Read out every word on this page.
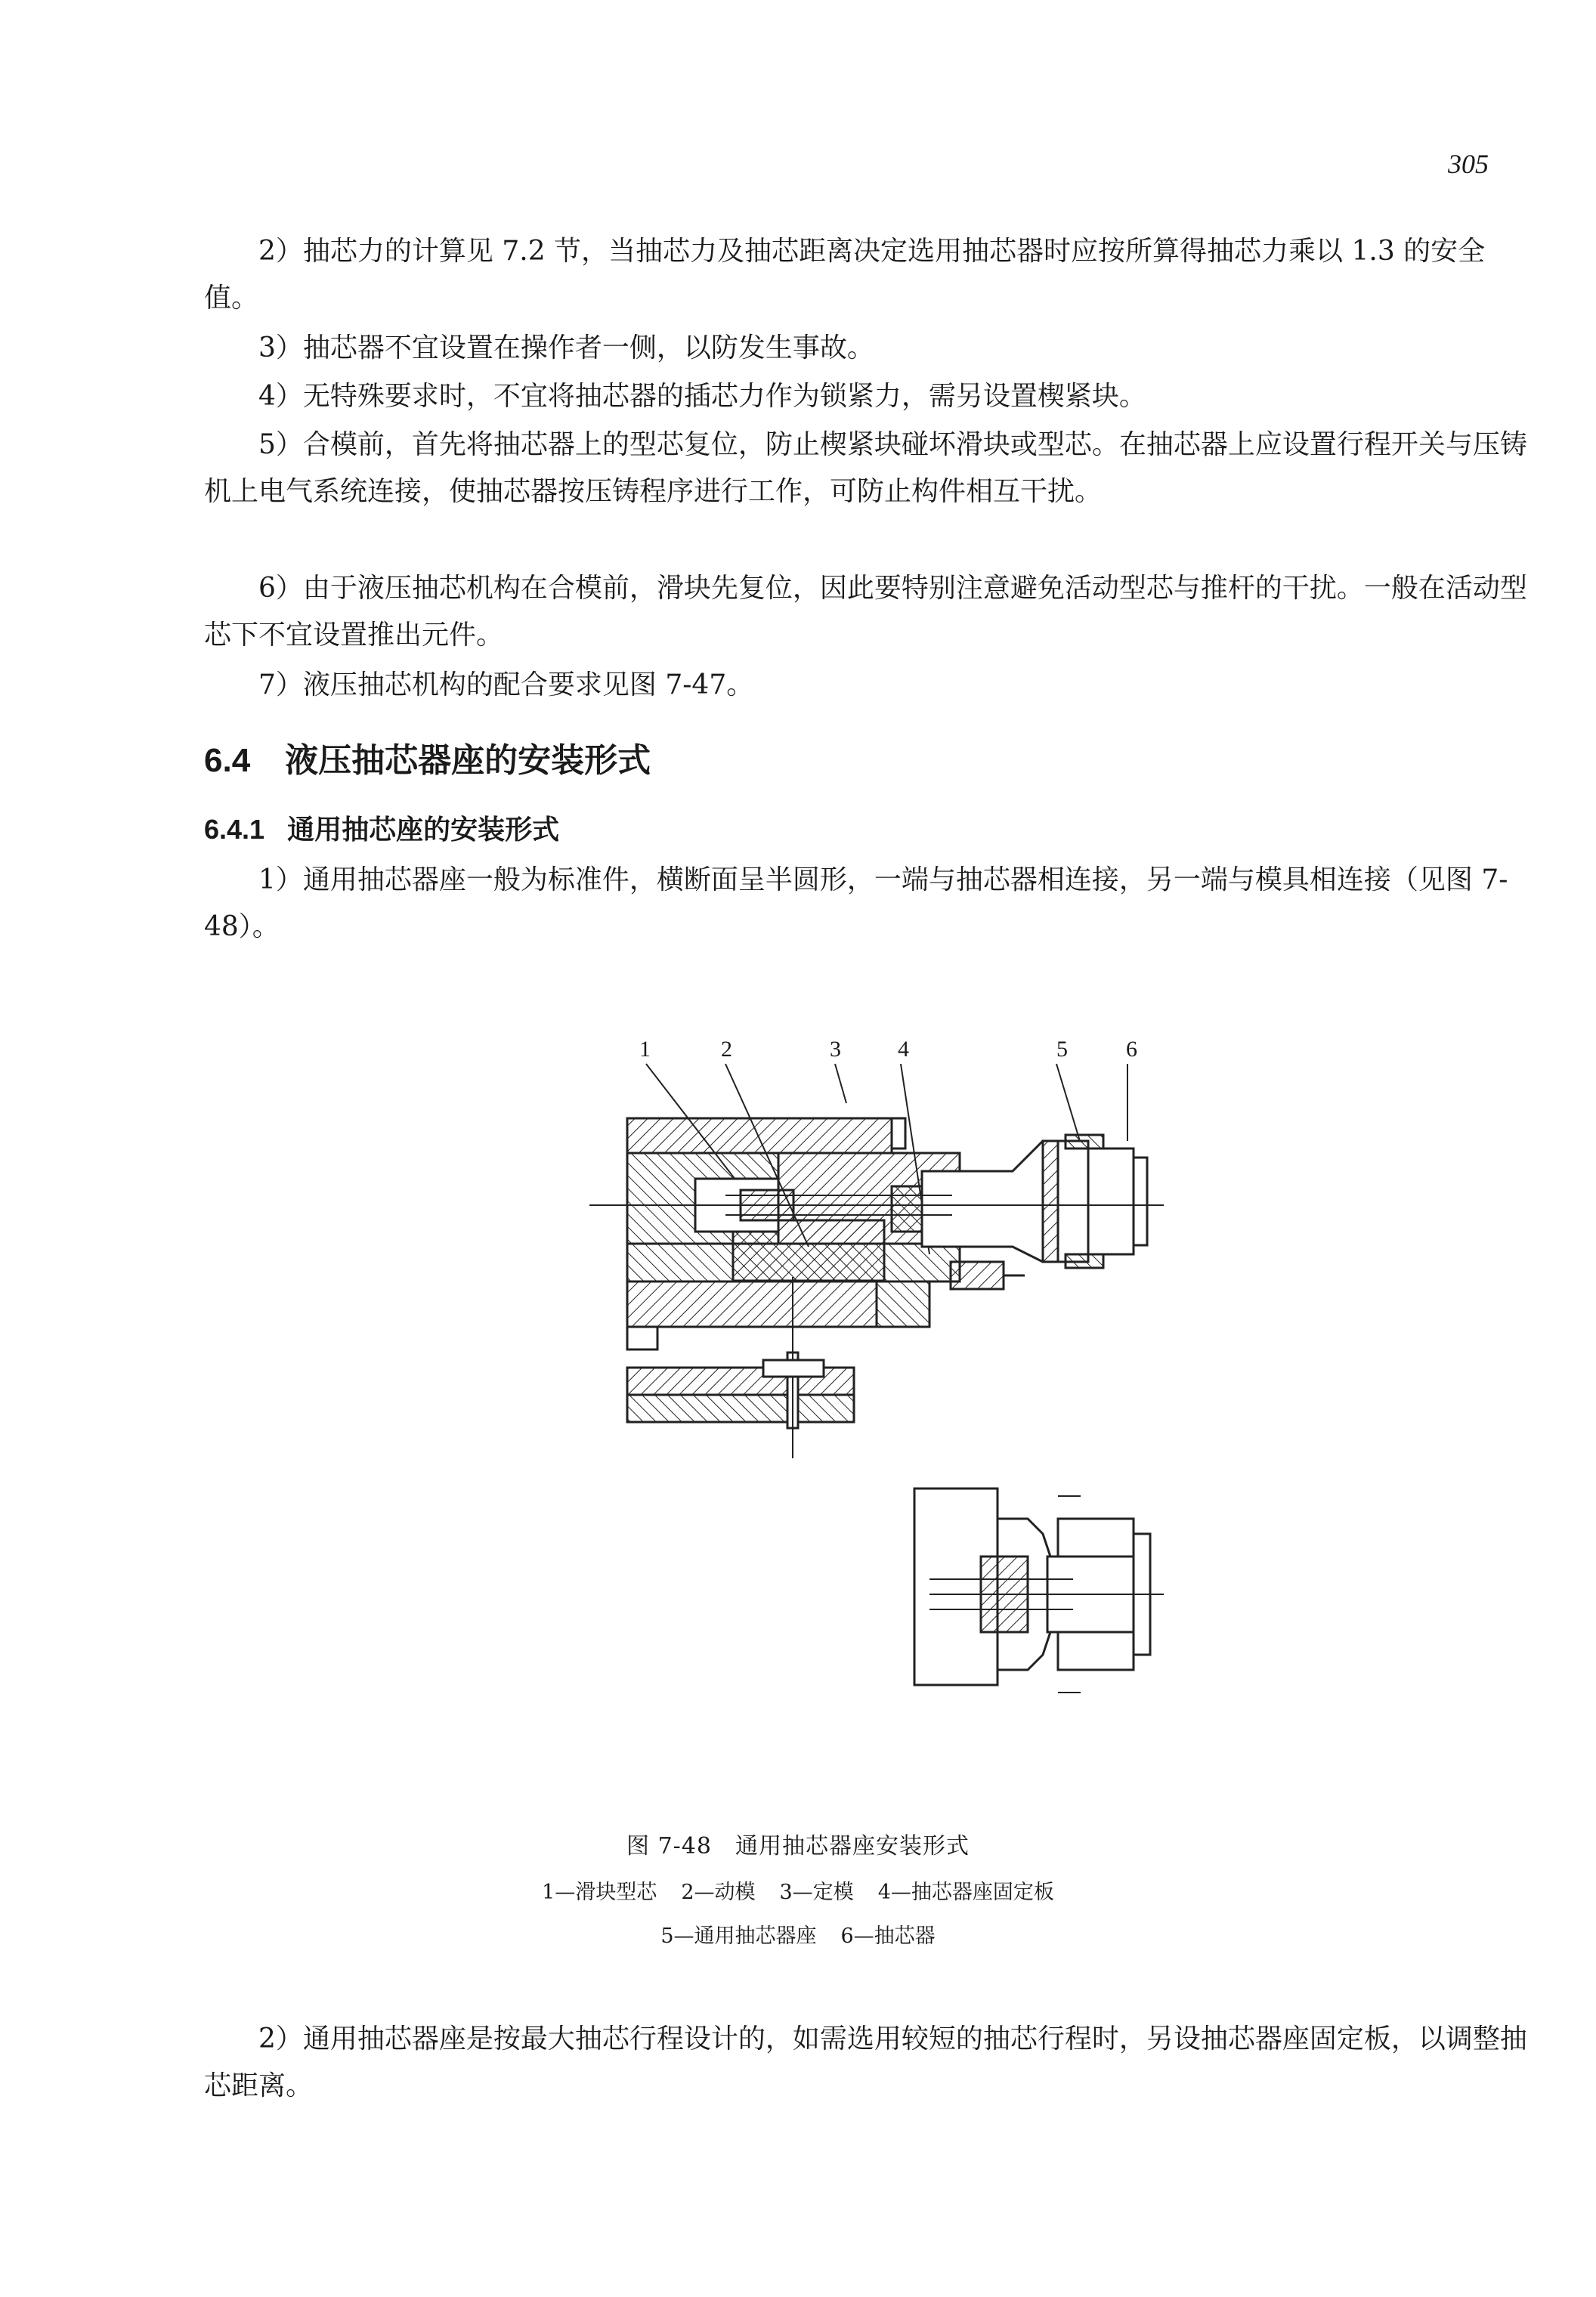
305

2）抽芯力的计算见 7.2 节，当抽芯力及抽芯距离决定选用抽芯器时应按所算得抽芯力乘以 1.3 的安全值。

3）抽芯器不宜设置在操作者一侧，以防发生事故。

4）无特殊要求时，不宜将抽芯器的插芯力作为锁紧力，需另设置楔紧块。

5）合模前，首先将抽芯器上的型芯复位，防止楔紧块碰坏滑块或型芯。在抽芯器上应设置行程开关与压铸机上电气系统连接，使抽芯器按压铸程序进行工作，可防止构件相互干扰。

6）由于液压抽芯机构在合模前，滑块先复位，因此要特别注意避免活动型芯与推杆的干扰。一般在活动型芯下不宜设置推出元件。

7）液压抽芯机构的配合要求见图 7-47。

6.4 液压抽芯器座的安装形式
6.4.1 通用抽芯座的安装形式

1）通用抽芯器座一般为标准件，横断面呈半圆形，一端与抽芯器相连接，另一端与模具相连接（见图 7-48）。

1	2	3	4	5	6

图 7-48　通用抽芯器座安装形式

1—滑块型芯 2—动模 3—定模 4—抽芯器座固定板

5—通用抽芯器座 6—抽芯器

2）通用抽芯器座是按最大抽芯行程设计的，如需选用较短的抽芯行程时，另设抽芯器座固定板，以调整抽芯距离。
